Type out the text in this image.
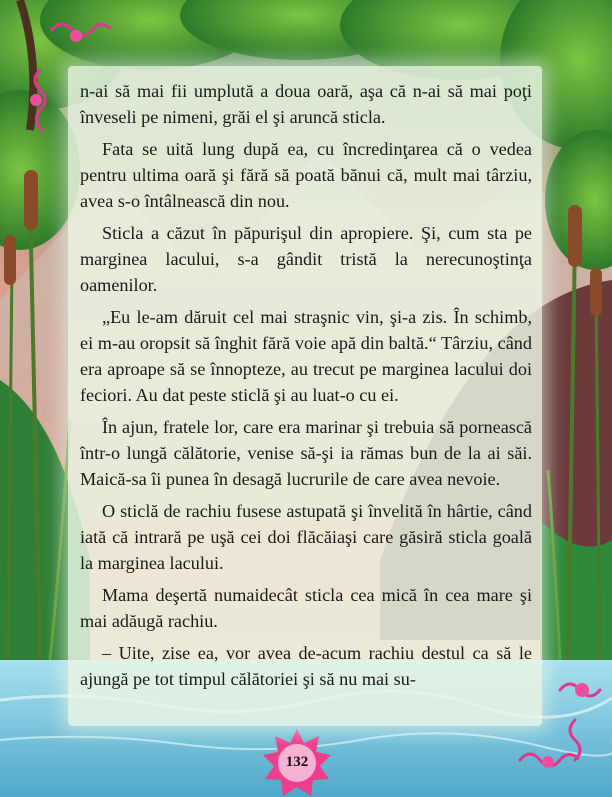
n-ai să mai fii umplută a doua oară, aşa că n-ai să mai poţi înveseli pe nimeni, grăi el şi aruncă sticla.

Fata se uită lung după ea, cu încredinţarea că o vedea pentru ultima oară şi fără să poată bănui că, mult mai târziu, avea s-o întâlnească din nou.

Sticla a căzut în păpurişul din apropiere. Şi, cum sta pe marginea lacului, s-a gândit tristă la nerecunoştinţa oamenilor.

„Eu le-am dăruit cel mai straşnic vin, şi-a zis. În schimb, ei m-au oropsit să înghit fără voie apă din baltă.“ Târziu, când era aproape să se înnopteze, au trecut pe marginea lacului doi feciori. Au dat peste sticlă şi au luat-o cu ei.

În ajun, fratele lor, care era marinar şi trebuia să pornească într-o lungă călătorie, venise să-şi ia rămas bun de la ai săi. Maică-sa îi punea în desagă lucrurile de care avea nevoie.

O sticlă de rachiu fusese astupată şi învelită în hârtie, când iată că intrară pe uşă cei doi flăcăiaşi care găsiră sticla goală la marginea lacului.

Mama deşertă numaidecât sticla cea mică în cea mare şi mai adăugă rachiu.

– Uite, zise ea, vor avea de-acum rachiu destul ca să le ajungă pe tot timpul călătoriei şi să nu mai su-

132
